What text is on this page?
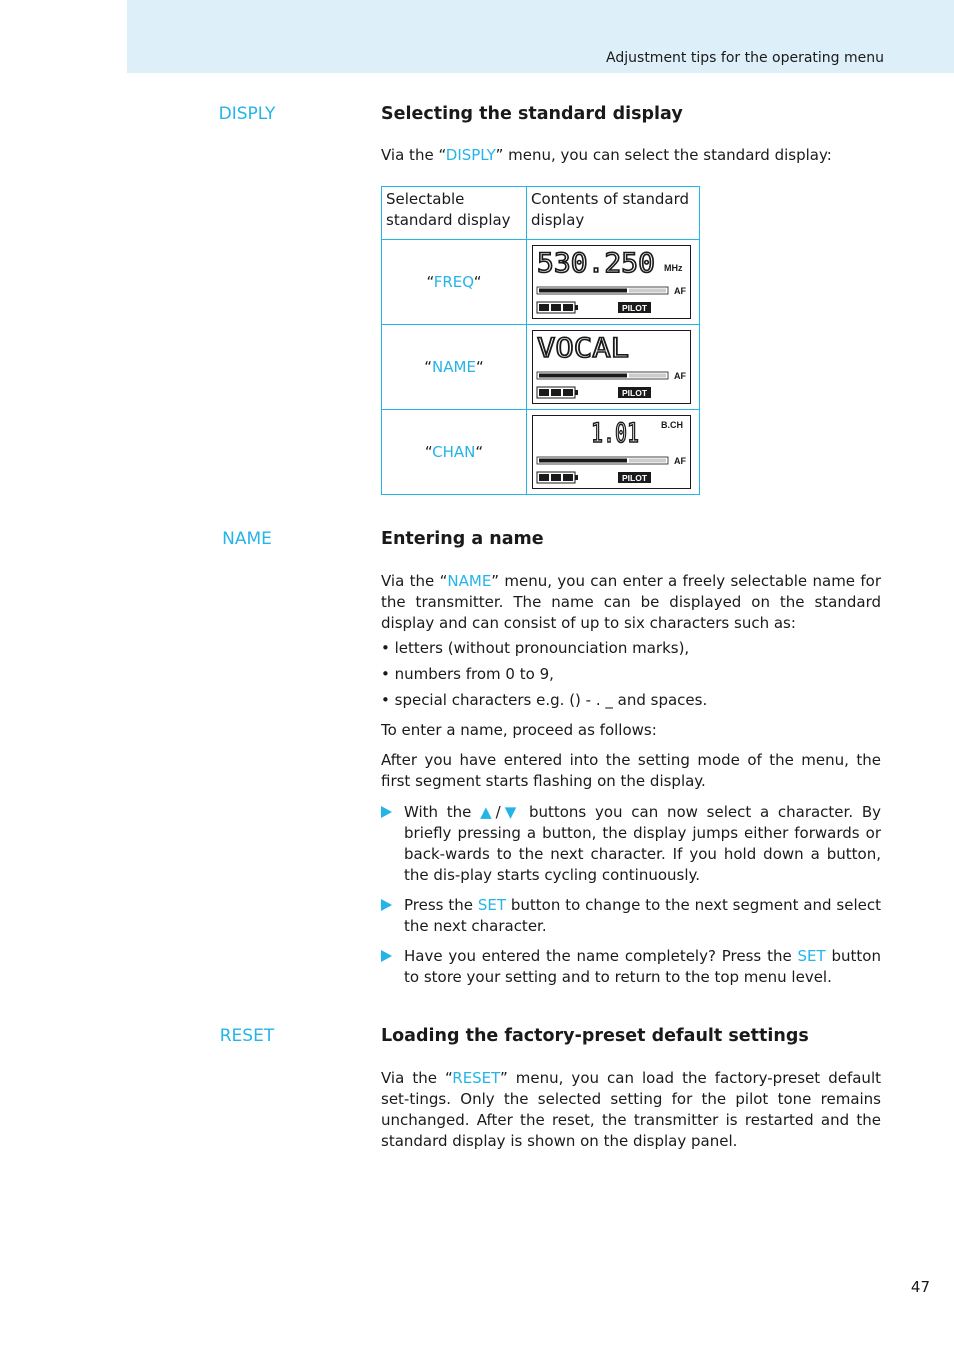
Adjustment tips for the operating menu
DISPLY	Selecting the standard display
Via the “DISPLY” menu, you can select the standard display:
Selectable
standard display	Contents of standard
display
“FREQ“	530.250 MHz
AF
PILOT

“NAME“	VOCAL
AF
PILOT

“CHAN“	1.01 B.CH
AF
PILOT
NAME	Entering a name
Via the “NAME” menu, you can enter a freely selectable name for the transmitter. The name can be displayed on the standard display and can consist of up to six characters such as:
• letters (without pronounciation marks),
• numbers from 0 to 9,
• special characters e.g. () - . _ and spaces.
To enter a name, proceed as follows:
After you have entered into the setting mode of the menu, the first segment starts flashing on the display.
With the ▲/▼ buttons you can now select a character. By briefly pressing a button, the display jumps either forwards or back-wards to the next character. If you hold down a button, the dis-play starts cycling continuously.
Press the SET button to change to the next segment and select the next character.
Have you entered the name completely? Press the SET button to store your setting and to return to the top menu level.
RESET	Loading the factory-preset default settings
Via the “RESET” menu, you can load the factory-preset default set-tings. Only the selected setting for the pilot tone remains unchanged. After the reset, the transmitter is restarted and the standard display is shown on the display panel.
47
